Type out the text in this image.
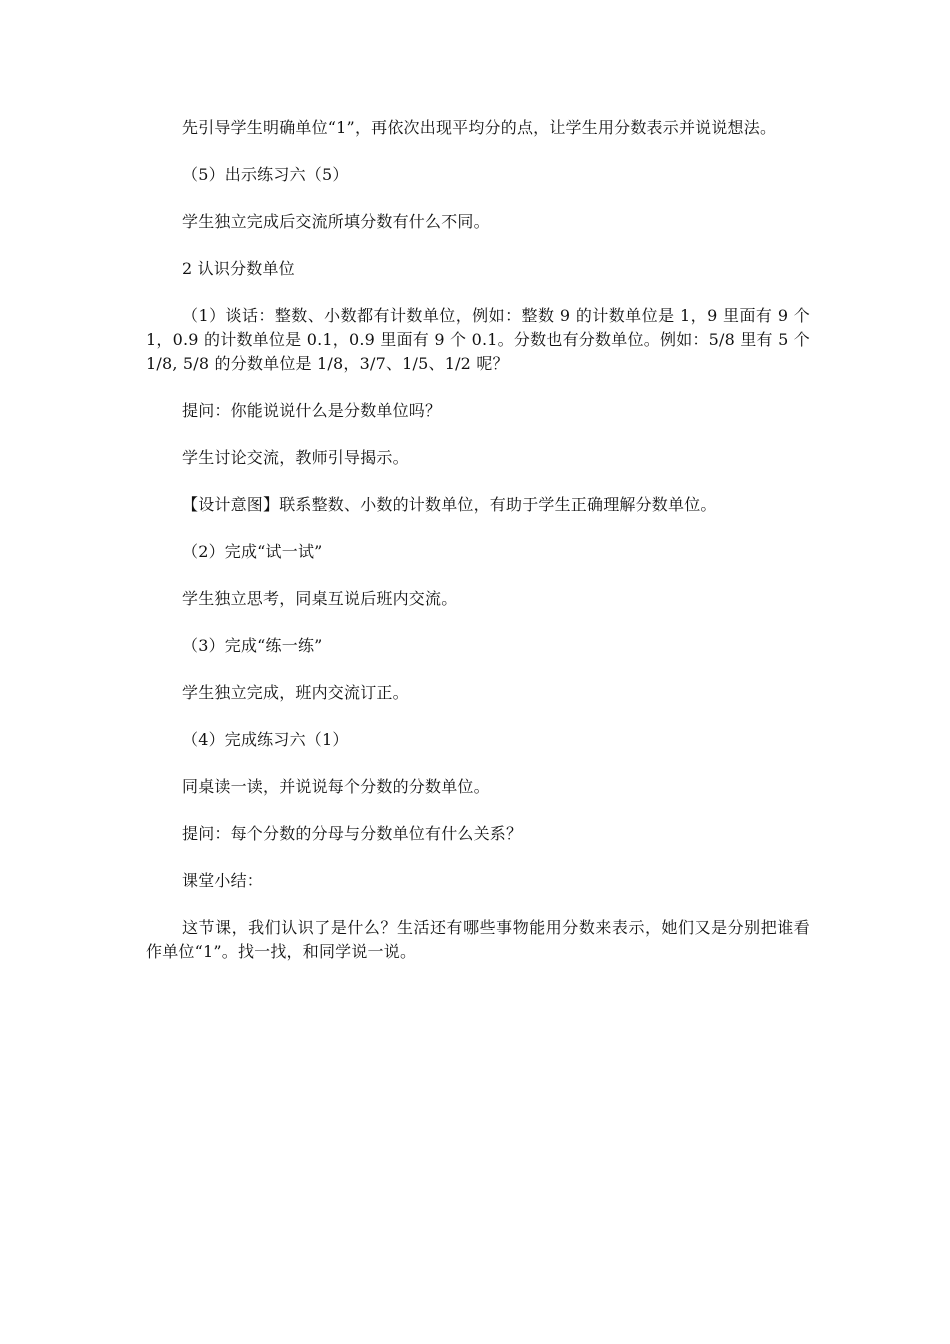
先引导学生明确单位“1”，再依次出现平均分的点，让学生用分数表示并说说想法。

（5）出示练习六（5）

学生独立完成后交流所填分数有什么不同。

2 认识分数单位

（1）谈话：整数、小数都有计数单位，例如：整数 9 的计数单位是 1，9 里面有 9 个 1，0.9 的计数单位是 0.1，0.9 里面有 9 个 0.1。分数也有分数单位。例如：5/8 里有 5 个 1/8, 5/8 的分数单位是 1/8，3/7、1/5、1/2 呢？

提问：你能说说什么是分数单位吗？

学生讨论交流，教师引导揭示。

【设计意图】联系整数、小数的计数单位，有助于学生正确理解分数单位。

（2）完成“试一试”

学生独立思考，同桌互说后班内交流。

（3）完成“练一练”

学生独立完成，班内交流订正。

（4）完成练习六（1）

同桌读一读，并说说每个分数的分数单位。

提问：每个分数的分母与分数单位有什么关系？

课堂小结：

这节课，我们认识了是什么？生活还有哪些事物能用分数来表示，她们又是分别把谁看作单位“1”。找一找，和同学说一说。
